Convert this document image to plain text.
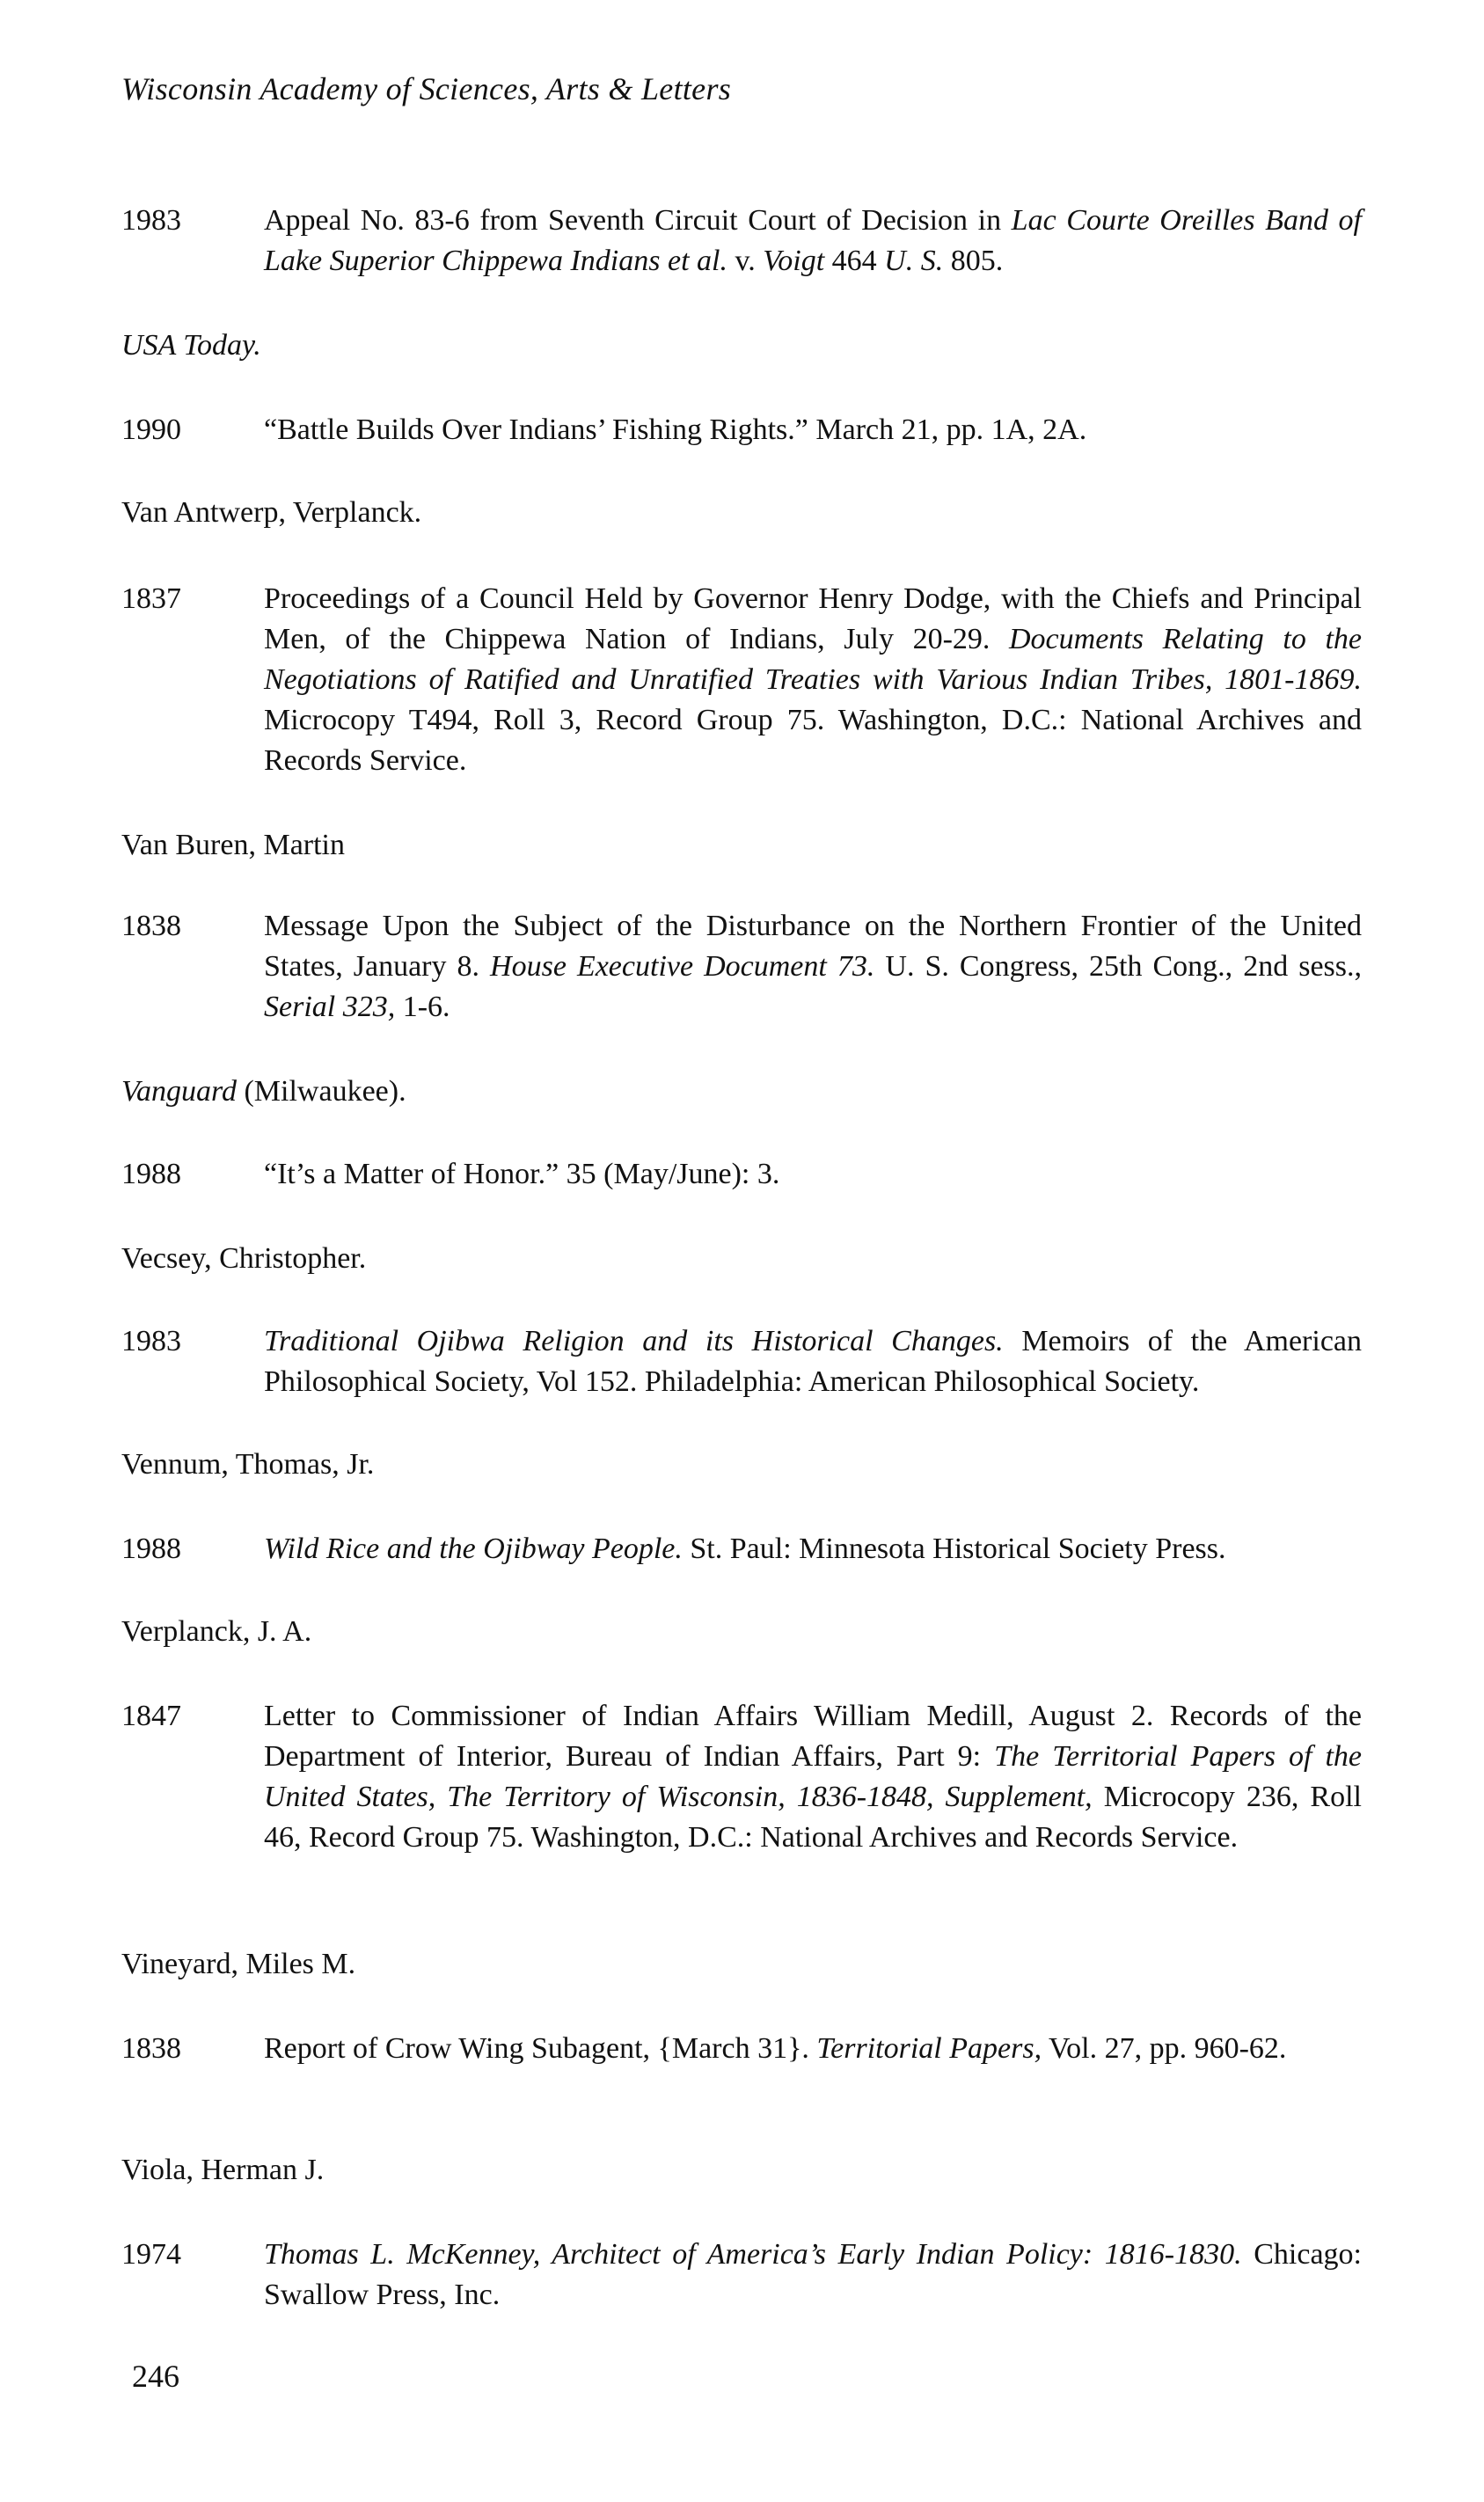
Wisconsin Academy of Sciences, Arts & Letters
1983	Appeal No. 83-6 from Seventh Circuit Court of Decision in Lac Courte Oreilles Band of Lake Superior Chippewa Indians et al. v. Voigt 464 U. S. 805.
USA Today.
1990	“Battle Builds Over Indians’ Fishing Rights.” March 21, pp. 1A, 2A.
Van Antwerp, Verplanck.
1837	Proceedings of a Council Held by Governor Henry Dodge, with the Chiefs and Principal Men, of the Chippewa Nation of Indians, July 20-29. Documents Relating to the Negotiations of Ratified and Unratified Treaties with Various Indian Tribes, 1801-1869. Microcopy T494, Roll 3, Record Group 75. Washington, D.C.: National Archives and Records Service.
Van Buren, Martin
1838	Message Upon the Subject of the Disturbance on the Northern Frontier of the United States, January 8. House Executive Document 73. U. S. Congress, 25th Cong., 2nd sess., Serial 323, 1-6.
Vanguard (Milwaukee).
1988	“It’s a Matter of Honor.” 35 (May/June): 3.
Vecsey, Christopher.
1983	Traditional Ojibwa Religion and its Historical Changes. Memoirs of the American Philosophical Society, Vol 152. Philadelphia: American Philosophical Society.
Vennum, Thomas, Jr.
1988	Wild Rice and the Ojibway People. St. Paul: Minnesota Historical Society Press.
Verplanck, J. A.
1847	Letter to Commissioner of Indian Affairs William Medill, August 2. Records of the Department of Interior, Bureau of Indian Affairs, Part 9: The Territorial Papers of the United States, The Territory of Wisconsin, 1836-1848, Supplement, Microcopy 236, Roll 46, Record Group 75. Washington, D.C.: National Archives and Records Service.
Vineyard, Miles M.
1838	Report of Crow Wing Subagent, {March 31}. Territorial Papers, Vol. 27, pp. 960-62.
Viola, Herman J.
1974	Thomas L. McKenney, Architect of America’s Early Indian Policy: 1816-1830. Chicago: Swallow Press, Inc.
246
